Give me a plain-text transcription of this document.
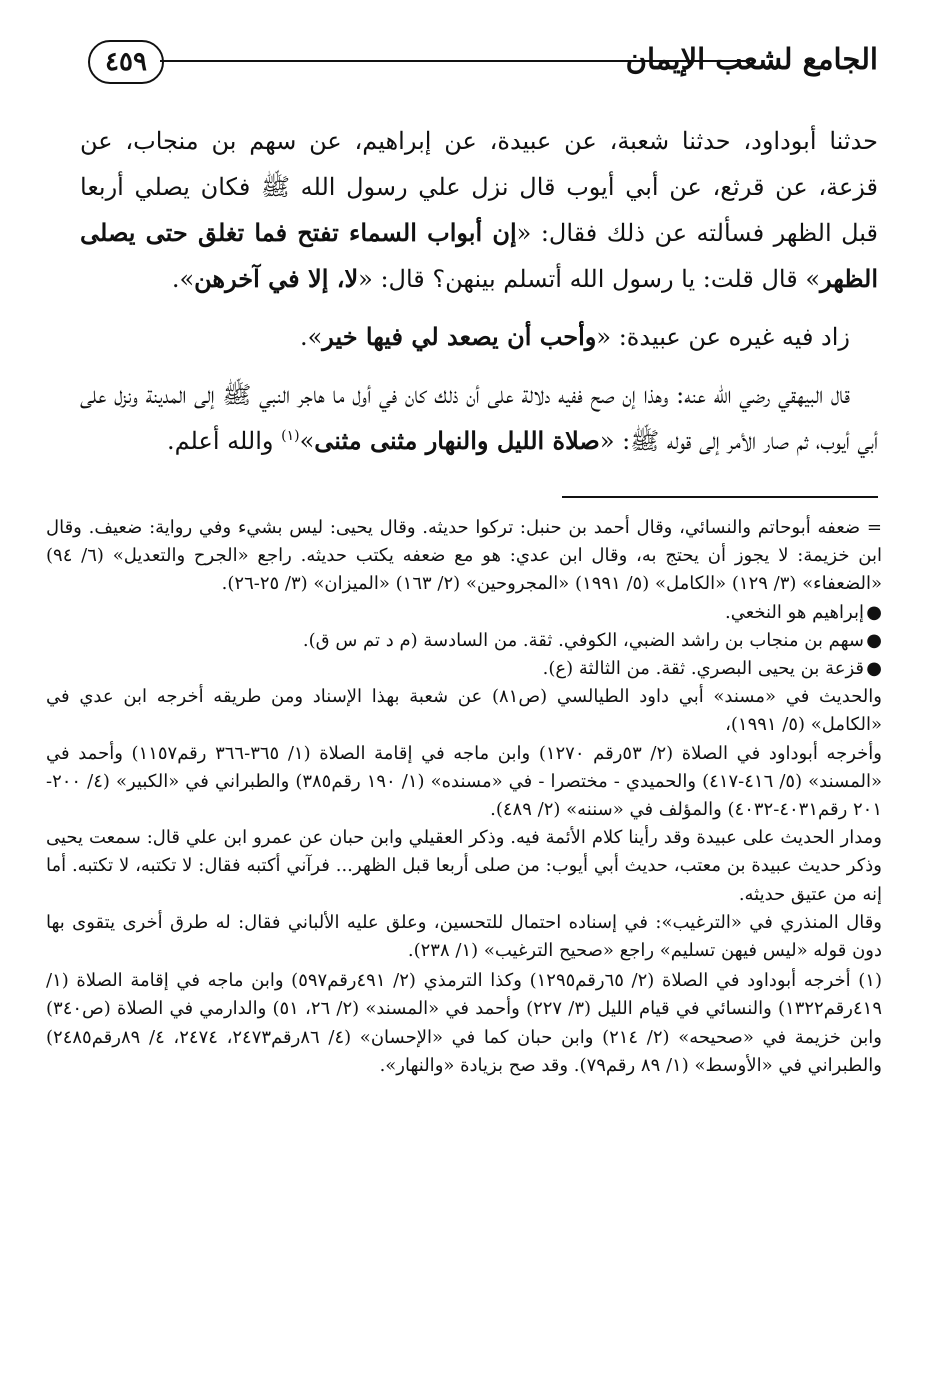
٤٥٩	الجامع لشعب الإيمان

حدثنا أبوداود، حدثنا شعبة، عن عبيدة، عن إبراهيم، عن سهم بن منجاب، عن قزعة، عن قرثع، عن أبي أيوب قال نزل علي رسول الله ﷺ فكان يصلي أربعا قبل الظهر فسألته عن ذلك فقال: «إن أبواب السماء تفتح فما تغلق حتى يصلى الظهر» قال قلت: يا رسول الله أتسلم بينهن؟ قال: «لا، إلا في آخرهن».

زاد فيه غيره عن عبيدة: «وأحب أن يصعد لي فيها خير».

قال البيهقي رضي الله عنه: وهذا إن صح ففيه دلالة على أن ذلك كان في أول ما هاجر النبي ﷺ إلى المدينة ونزل على أبي أيوب، ثم صار الأمر إلى قوله ﷺ: «صلاة الليل والنهار مثنى مثنى»$^{(١)}$ والله أعلم.

= ضعفه أبوحاتم والنسائي، وقال أحمد بن حنبل: تركوا حديثه. وقال يحيى: ليس بشيء وفي رواية: ضعيف. وقال ابن خزيمة: لا يجوز أن يحتج به، وقال ابن عدي: هو مع ضعفه يكتب حديثه. راجع «الجرح والتعديل» (٦/ ٩٤) «الضعفاء» (٣/ ١٢٩) «الكامل» (٥/ ١٩٩١) «المجروحين» (٢/ ١٦٣) «الميزان» (٣/ ٢٥-٢٦).

●
إبراهيم هو النخعي.
●
سهم بن منجاب بن راشد الضبي، الكوفي. ثقة. من السادسة (م د تم س ق).
●
قزعة بن يحيى البصري. ثقة. من الثالثة (ع).

والحديث في «مسند» أبي داود الطيالسي (ص٨١) عن شعبة بهذا الإسناد ومن طريقه أخرجه ابن عدي في «الكامل» (٥/ ١٩٩١)،

وأخرجه أبوداود في الصلاة (٢/ ٥٣رقم ١٢٧٠) وابن ماجه في إقامة الصلاة (١/ ٣٦٥-٣٦٦ رقم١١٥٧) وأحمد في «المسند» (٥/ ٤١٦-٤١٧) والحميدي - مختصرا - في «مسنده» (١/ ١٩٠ رقم٣٨٥) والطبراني في «الكبير» (٤/ ٢٠٠- ٢٠١ رقم٤٠٣١-٤٠٣٢) والمؤلف في «سننه» (٢/ ٤٨٩).

ومدار الحديث على عبيدة وقد رأينا كلام الأئمة فيه. وذكر العقيلي وابن حبان عن عمرو ابن علي قال: سمعت يحيى وذكر حديث عبيدة بن معتب، حديث أبي أيوب: من صلى أربعا قبل الظهر... فرآني أكتبه فقال: لا تكتبه، لا تكتبه. أما إنه من عتيق حديثه.

وقال المنذري في «الترغيب»: في إسناده احتمال للتحسين، وعلق عليه الألباني فقال: له طرق أخرى يتقوى بها دون قوله «ليس فيهن تسليم» راجع «صحيح الترغيب» (١/ ٢٣٨).

(١) أخرجه أبوداود في الصلاة (٢/ ٦٥رقم١٢٩٥) وكذا الترمذي (٢/ ٤٩١رقم٥٩٧) وابن ماجه في إقامة الصلاة (١/ ٤١٩رقم١٣٢٢) والنسائي في قيام الليل (٣/ ٢٢٧) وأحمد في «المسند» (٢/ ٢٦، ٥١) والدارمي في الصلاة (ص٣٤٠) وابن خزيمة في «صحيحه» (٢/ ٢١٤) وابن حبان كما في «الإحسان» (٤/ ٨٦رقم٢٤٧٣، ٢٤٧٤، ٤/ ٨٩رقم٢٤٨٥) والطبراني في «الأوسط» (١/ ٨٩ رقم٧٩). وقد صح بزيادة «والنهار».
